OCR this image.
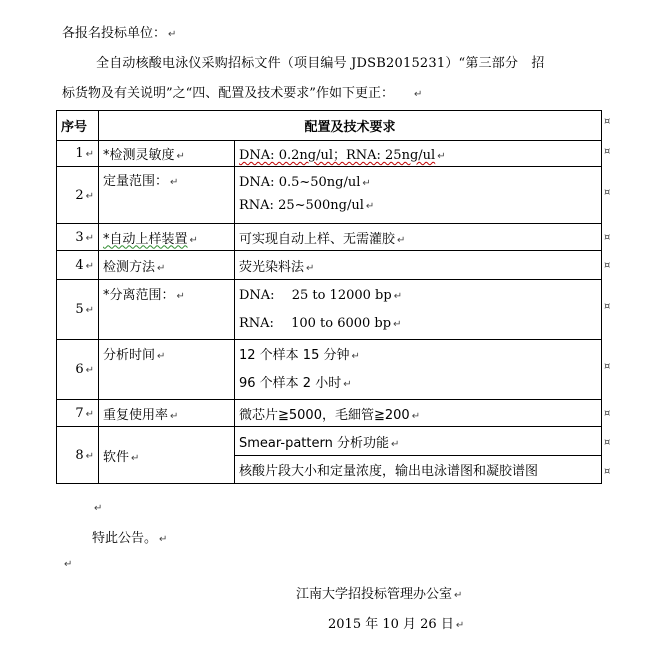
各报名投标单位： ↵
全自动核酸电泳仪采购招标文件（项目编号 JDSB2015231）“第三部分　招
标货物及有关说明”之“四、配置及技术要求”作如下更正： ↵
序号	配置及技术要求	
1 ↵	*检测灵敏度 ↵	DNA: 0.2ng/ul；RNA: 25ng/ul ↵
2 ↵	定量范围： ↵	DNA: 0.5~50ng/ul ↵
RNA: 25~500ng/ul ↵

3 ↵	*自动上样装置 ↵	可实现自动上样、无需灌胶 ↵
4 ↵	检测方法 ↵	荧光染料法 ↵
5 ↵	*分离范围： ↵	DNA:　 25 to 12000 bp ↵
RNA:　 100 to 6000 bp ↵

6 ↵	分析时间 ↵	12 个样本 15 分钟 ↵
96 个样本 2 小时 ↵

7 ↵	重复使用率 ↵	微芯片≧5000，毛細管≧200 ↵
8 ↵	软件 ↵	Smear-pattern 分析功能 ↵
		核酸片段大小和定量浓度，输出电泳谱图和凝胶谱图
¤
¤
¤
¤
¤
¤
¤
¤
¤
¤
↵
特此公告。 ↵
↵
江南大学招投标管理办公室 ↵
2015 年 10 月 26 日 ↵
